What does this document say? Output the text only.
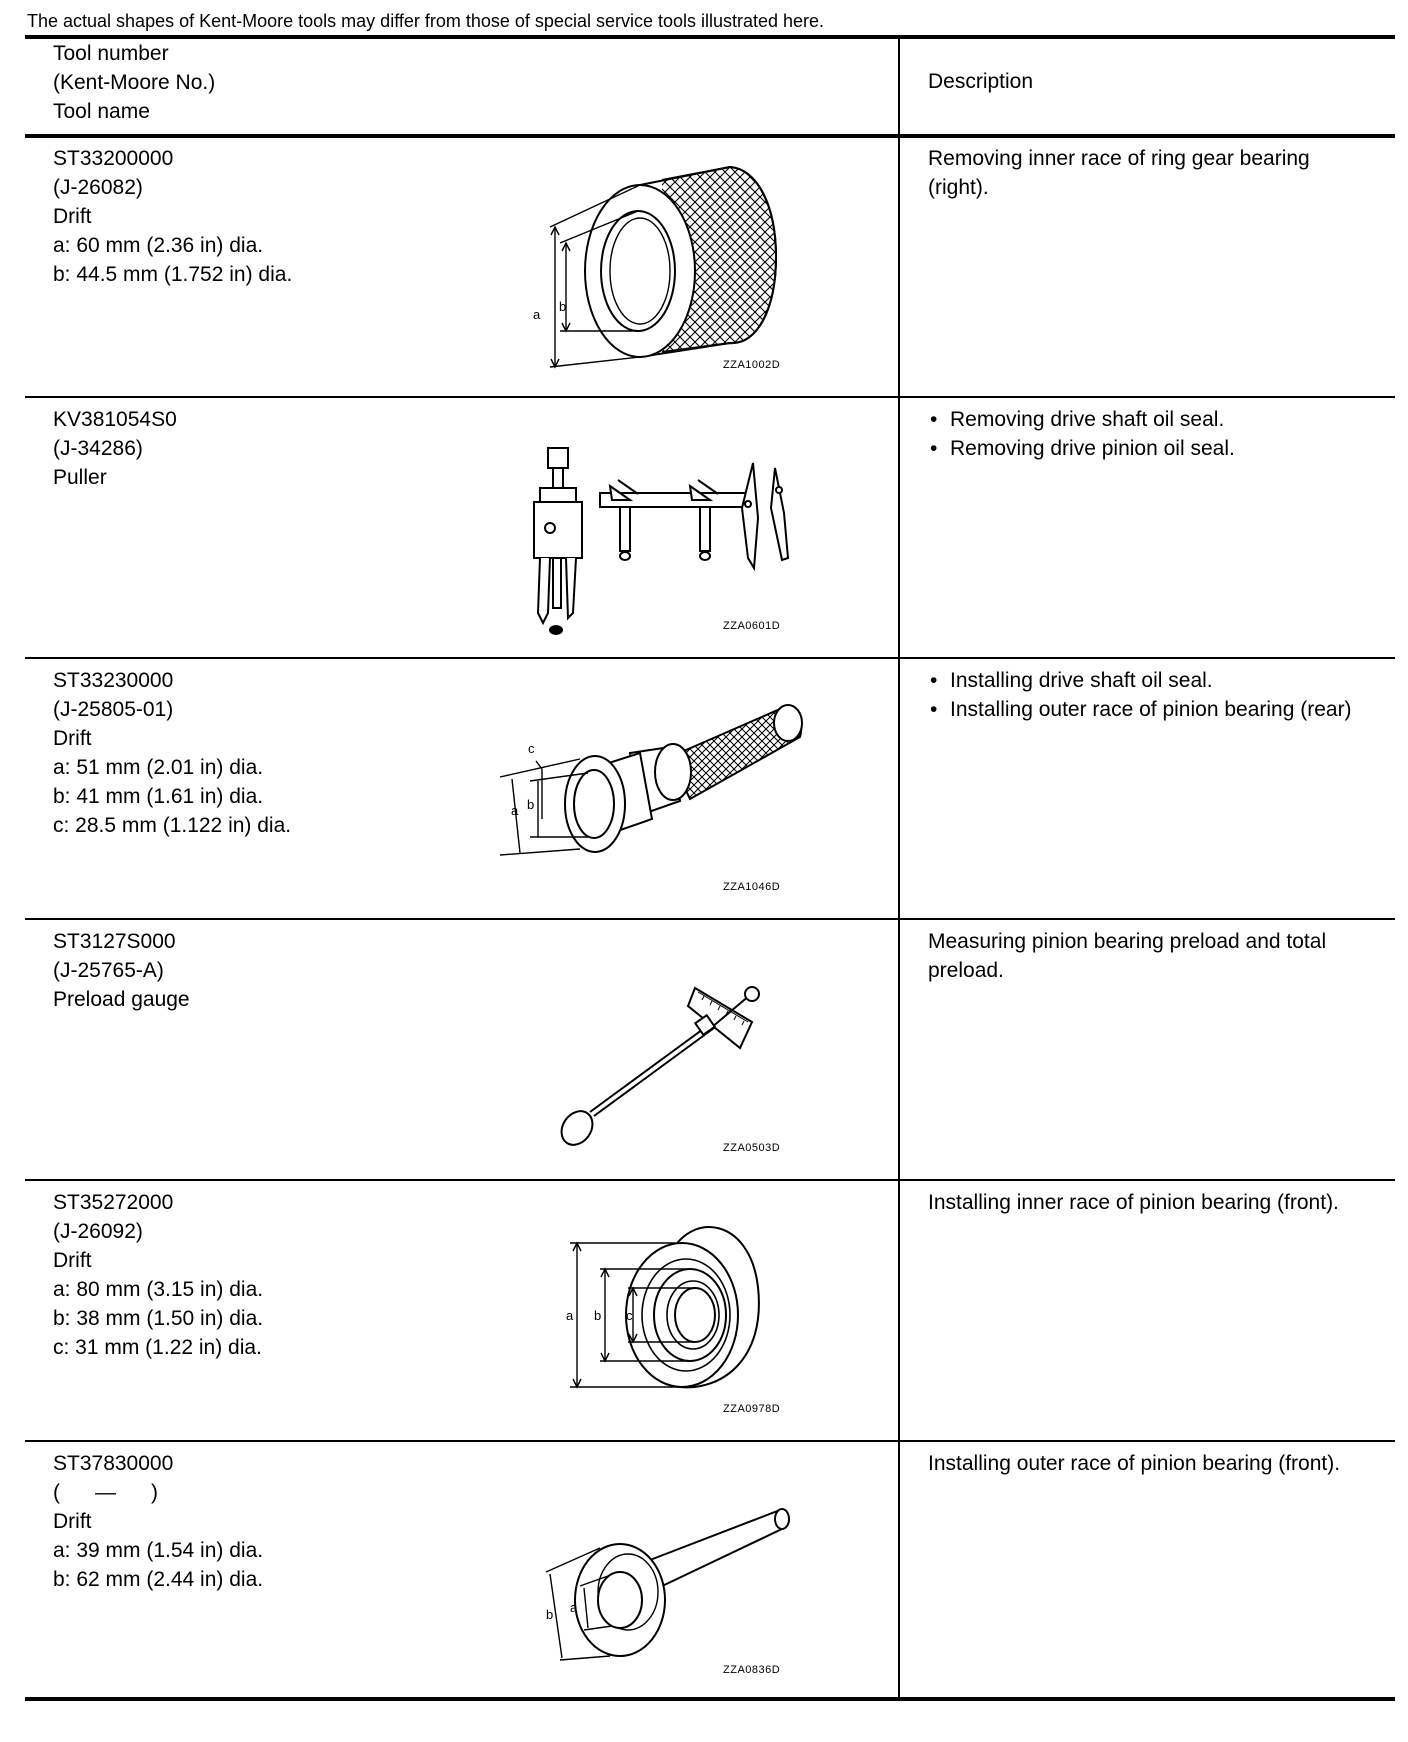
The actual shapes of Kent-Moore tools may differ from those of special service tools illustrated here.
Tool number
(Kent-Moore No.)
Tool name
Description
ST33200000
(J-26082)
Drift
a: 60 mm (2.36 in) dia.
b: 44.5 mm (1.752 in) dia.
a
b
ZZA1002D
Removing inner race of ring gear bearing
(right).
KV381054S0
(J-34286)
Puller
ZZA0601D
• Removing drive shaft oil seal.
• Removing drive pinion oil seal.
ST33230000
(J-25805-01)
Drift
a: 51 mm (2.01 in) dia.
b: 41 mm (1.61 in) dia.
c: 28.5 mm (1.122 in) dia.
a b
c
ZZA1046D
• Installing drive shaft oil seal.
• Installing outer race of pinion bearing (rear)
ST3127S000
(J-25765-A)
Preload gauge
ZZA0503D
Measuring pinion bearing preload and total
preload.
ST35272000
(J-26092)
Drift
a: 80 mm (3.15 in) dia.
b: 38 mm (1.50 in) dia.
c: 31 mm (1.22 in) dia.
a b c
ZZA0978D
Installing inner race of pinion bearing (front).
ST37830000
(      —      )
Drift
a: 39 mm (1.54 in) dia.
b: 62 mm (2.44 in) dia.
b a
ZZA0836D
Installing outer race of pinion bearing (front).
